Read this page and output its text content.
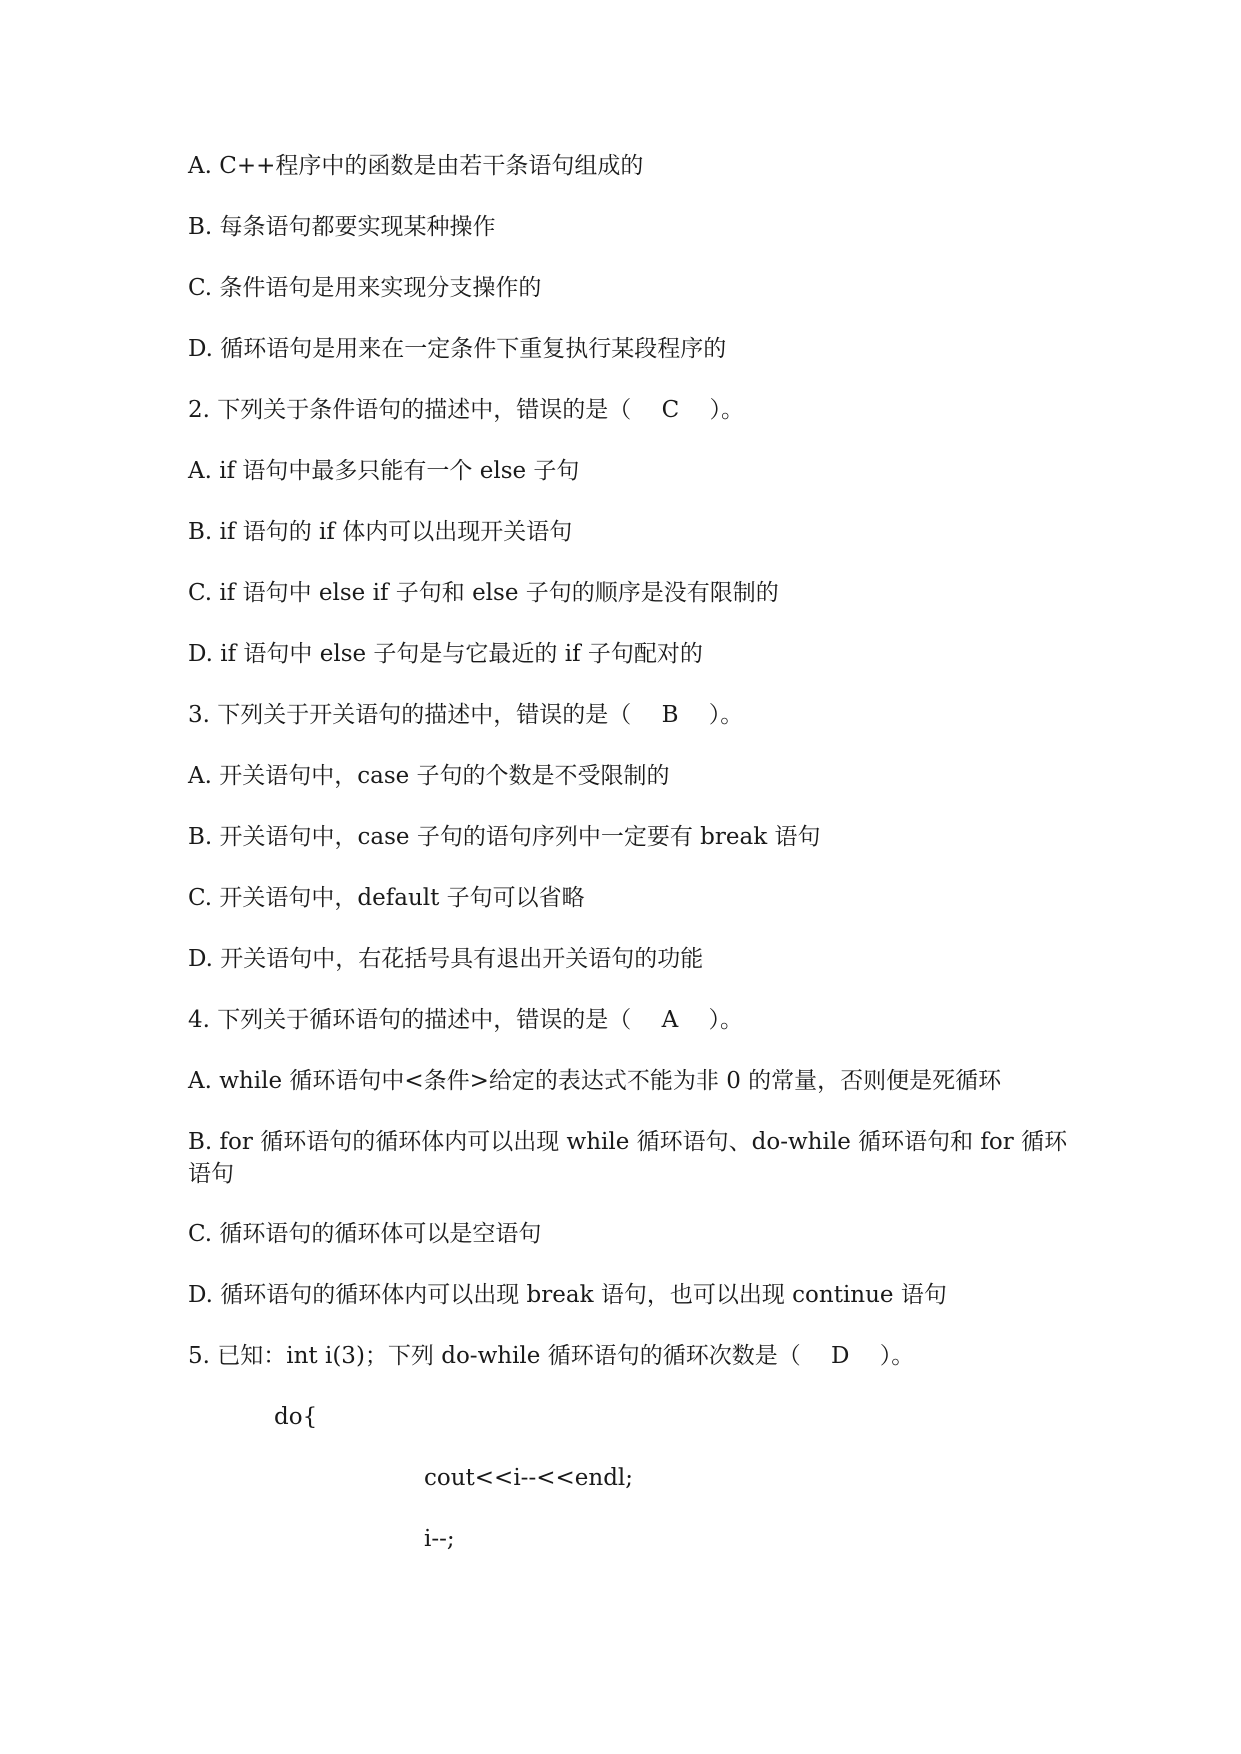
A. C++程序中的函数是由若干条语句组成的
B. 每条语句都要实现某种操作
C. 条件语句是用来实现分支操作的
D. 循环语句是用来在一定条件下重复执行某段程序的
2. 下列关于条件语句的描述中，错误的是（　 C　 ）。
A. if 语句中最多只能有一个 else 子句
B. if 语句的 if 体内可以出现开关语句
C. if 语句中 else if 子句和 else 子句的顺序是没有限制的
D. if 语句中 else 子句是与它最近的 if 子句配对的
3. 下列关于开关语句的描述中，错误的是（　 B　 ）。
A. 开关语句中，case 子句的个数是不受限制的
B. 开关语句中，case 子句的语句序列中一定要有 break 语句
C. 开关语句中，default 子句可以省略
D. 开关语句中，右花括号具有退出开关语句的功能
4. 下列关于循环语句的描述中，错误的是（　 A　 ）。
A. while 循环语句中<条件>给定的表达式不能为非 0 的常量，否则便是死循环
B. for 循环语句的循环体内可以出现 while 循环语句、do-while 循环语句和 for 循环语句
C. 循环语句的循环体可以是空语句
D. 循环语句的循环体内可以出现 break 语句，也可以出现 continue 语句
5. 已知：int i(3)；下列 do-while 循环语句的循环次数是（　 D　 ）。
do{
cout<<i--<<endl;
i--;
